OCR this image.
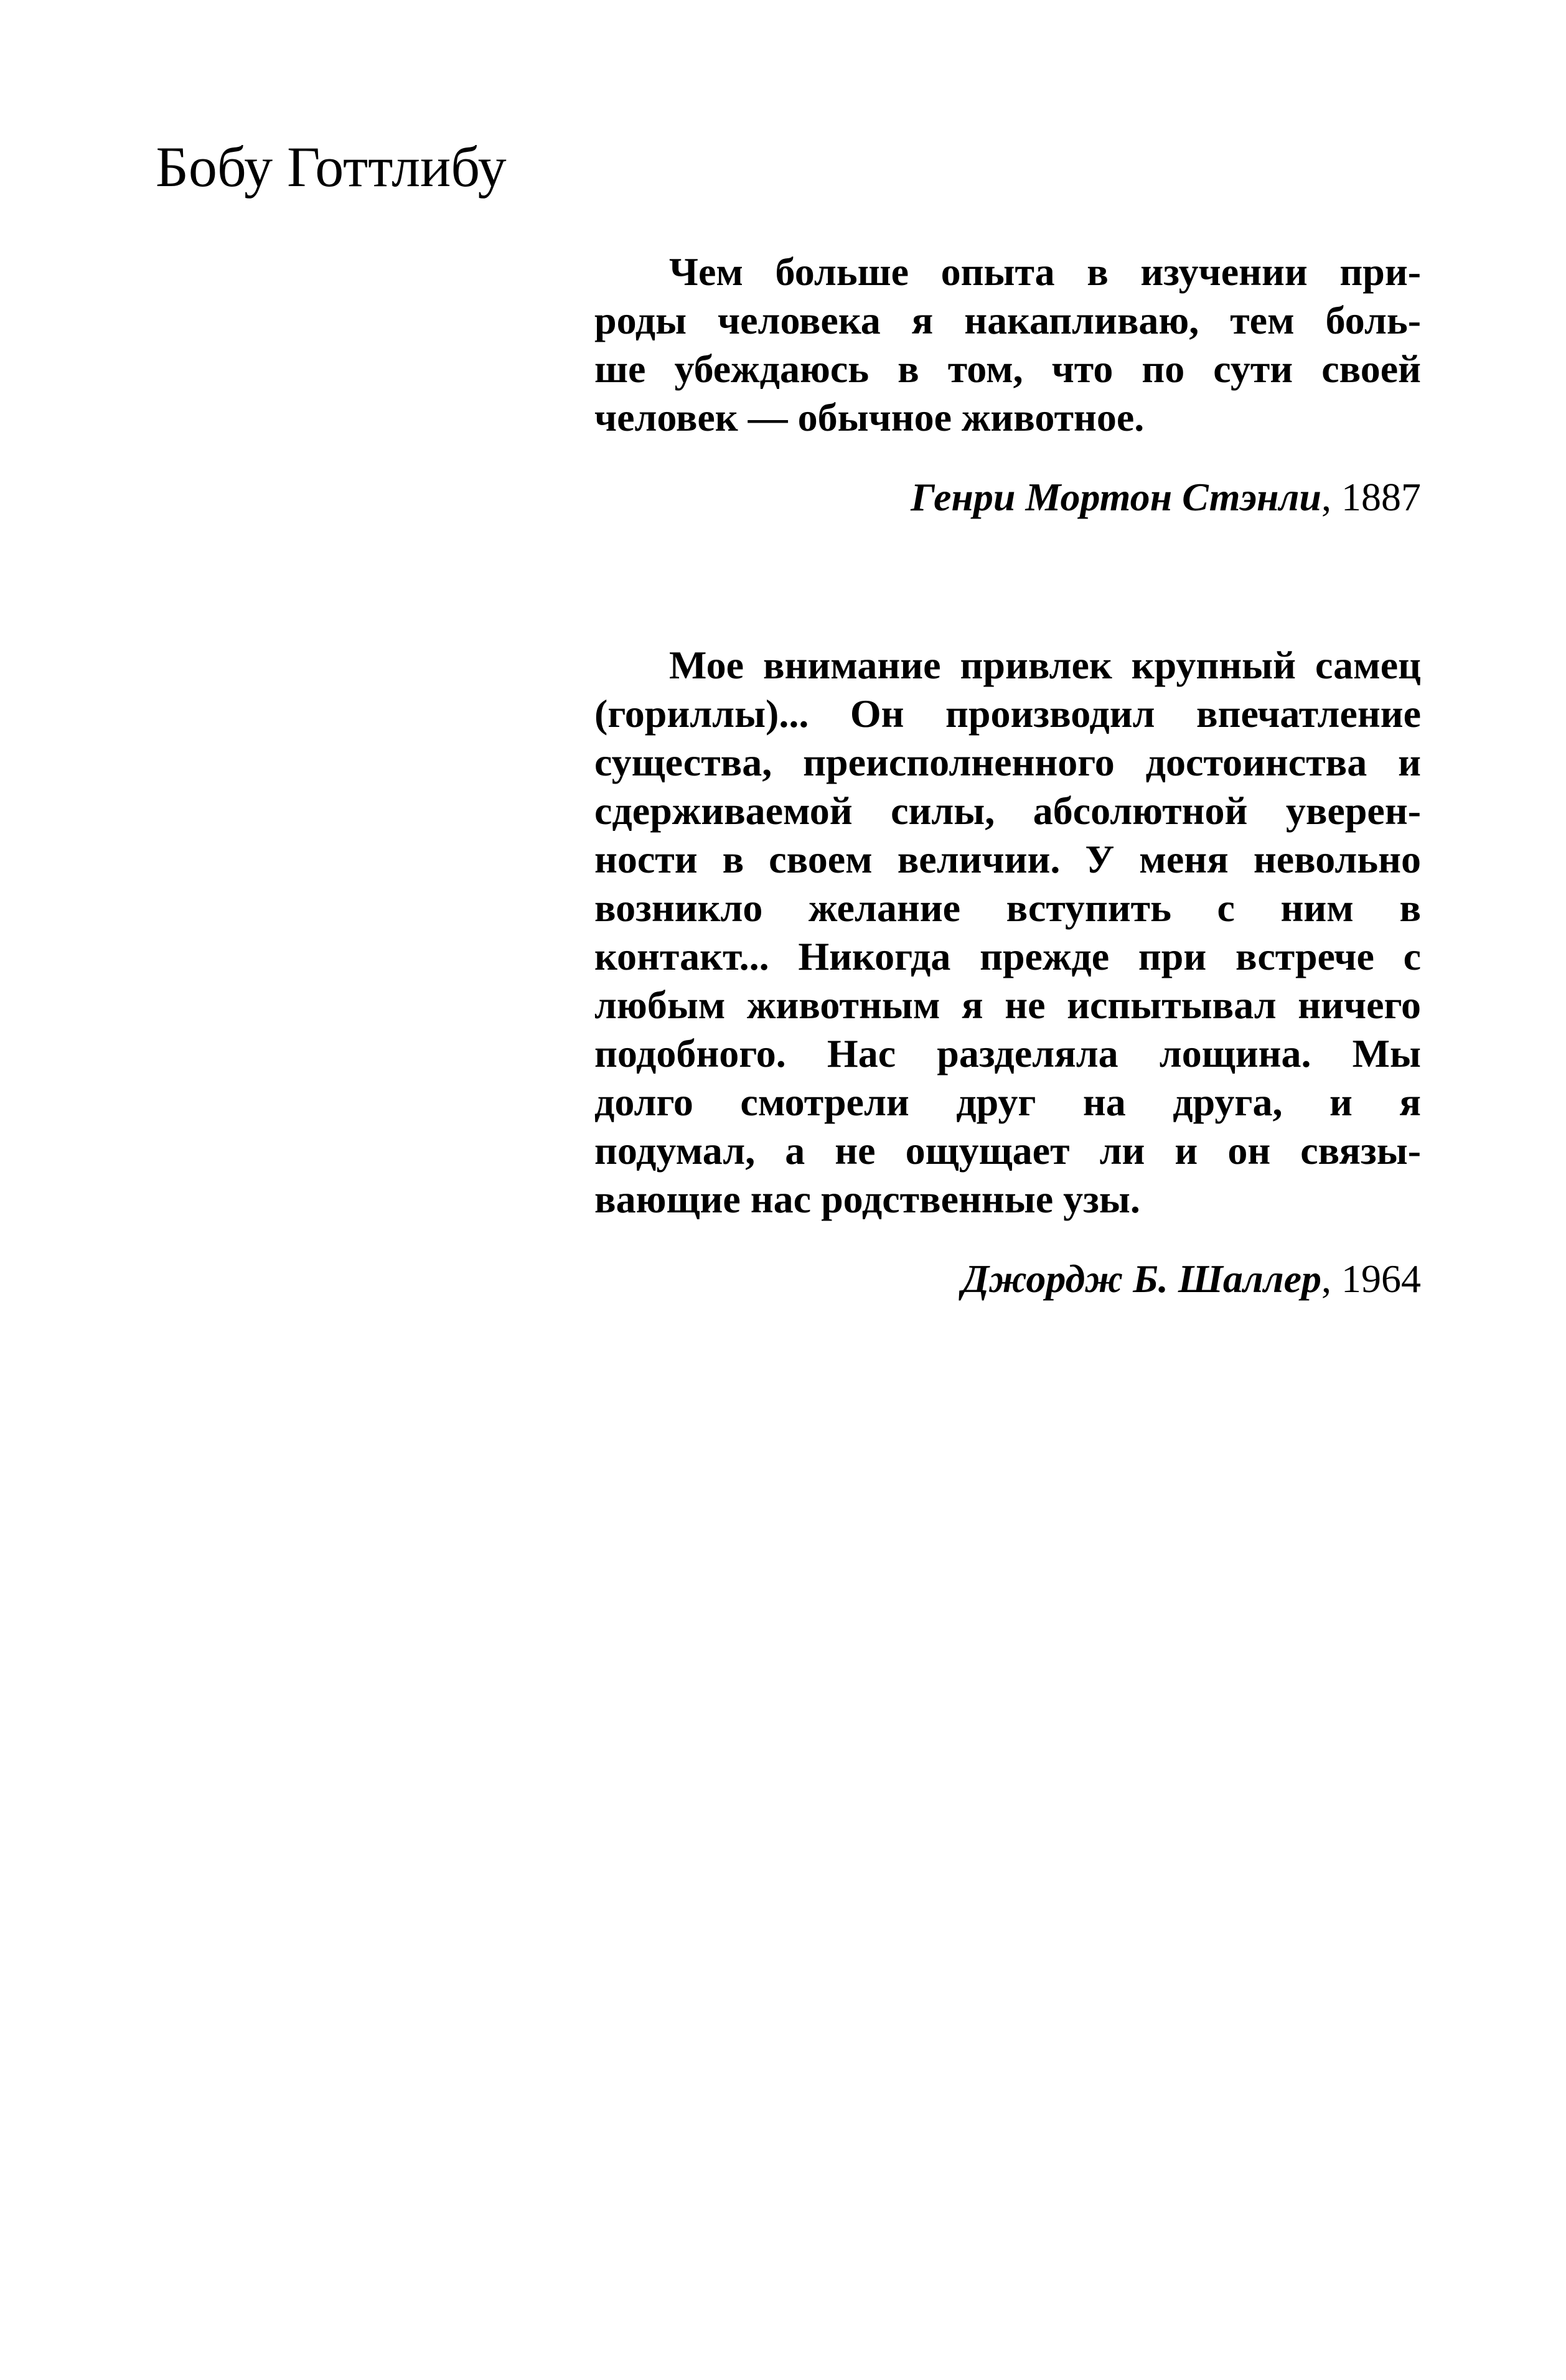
Бобу Готтлибу
Чем больше опыта в изучении при-
роды человека я накапливаю, тем боль-
ше убеждаюсь в том, что по сути своей
человек — обычное животное.
Генри Мортон Стэнли, 1887
Мое внимание привлек крупный самец
(гориллы)... Он производил впечатление
существа, преисполненного достоинства и
сдерживаемой силы, абсолютной уверен-
ности в своем величии. У меня невольно
возникло желание вступить с ним в
контакт... Никогда прежде при встрече с
любым животным я не испытывал ничего
подобного. Нас разделяла лощина. Мы
долго смотрели друг на друга, и я
подумал, а не ощущает ли и он связы-
вающие нас родственные узы.
Джордж Б. Шаллер, 1964
